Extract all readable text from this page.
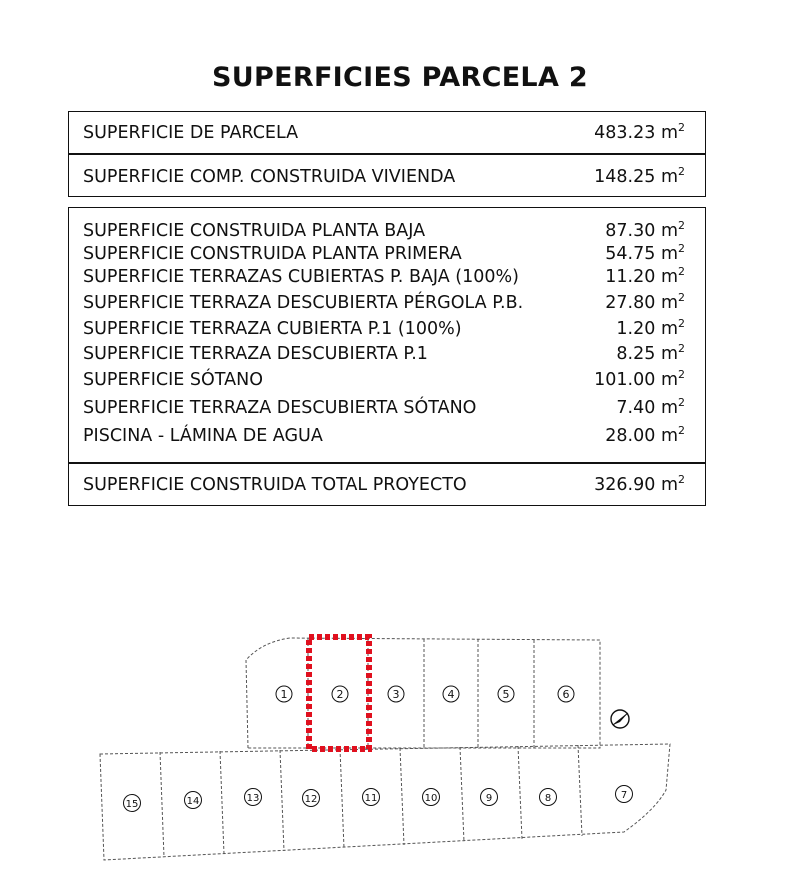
SUPERFICIES PARCELA 2
SUPERFICIE DE PARCELA	483.23 $m^2$
SUPERFICIE COMP. CONSTRUIDA VIVIENDA	148.25 $m^2$
SUPERFICIE CONSTRUIDA PLANTA BAJA	87.30 $m^2$
SUPERFICIE CONSTRUIDA PLANTA PRIMERA	54.75 $m^2$
SUPERFICIE TERRAZAS CUBIERTAS P. BAJA (100%)	11.20 $m^2$
SUPERFICIE TERRAZA DESCUBIERTA PÉRGOLA P.B.	27.80 $m^2$
SUPERFICIE TERRAZA CUBIERTA P.1 (100%)	1.20 $m^2$
SUPERFICIE TERRAZA DESCUBIERTA P.1	8.25 $m^2$
SUPERFICIE SÓTANO	101.00 $m^2$
SUPERFICIE TERRAZA DESCUBIERTA SÓTANO	7.40 $m^2$
PISCINA - LÁMINA DE AGUA	28.00 $m^2$
SUPERFICIE CONSTRUIDA TOTAL PROYECTO	326.90 $m^2$
1	2	3	4	5	6
15	14	13	12	11	10	9	8	7
